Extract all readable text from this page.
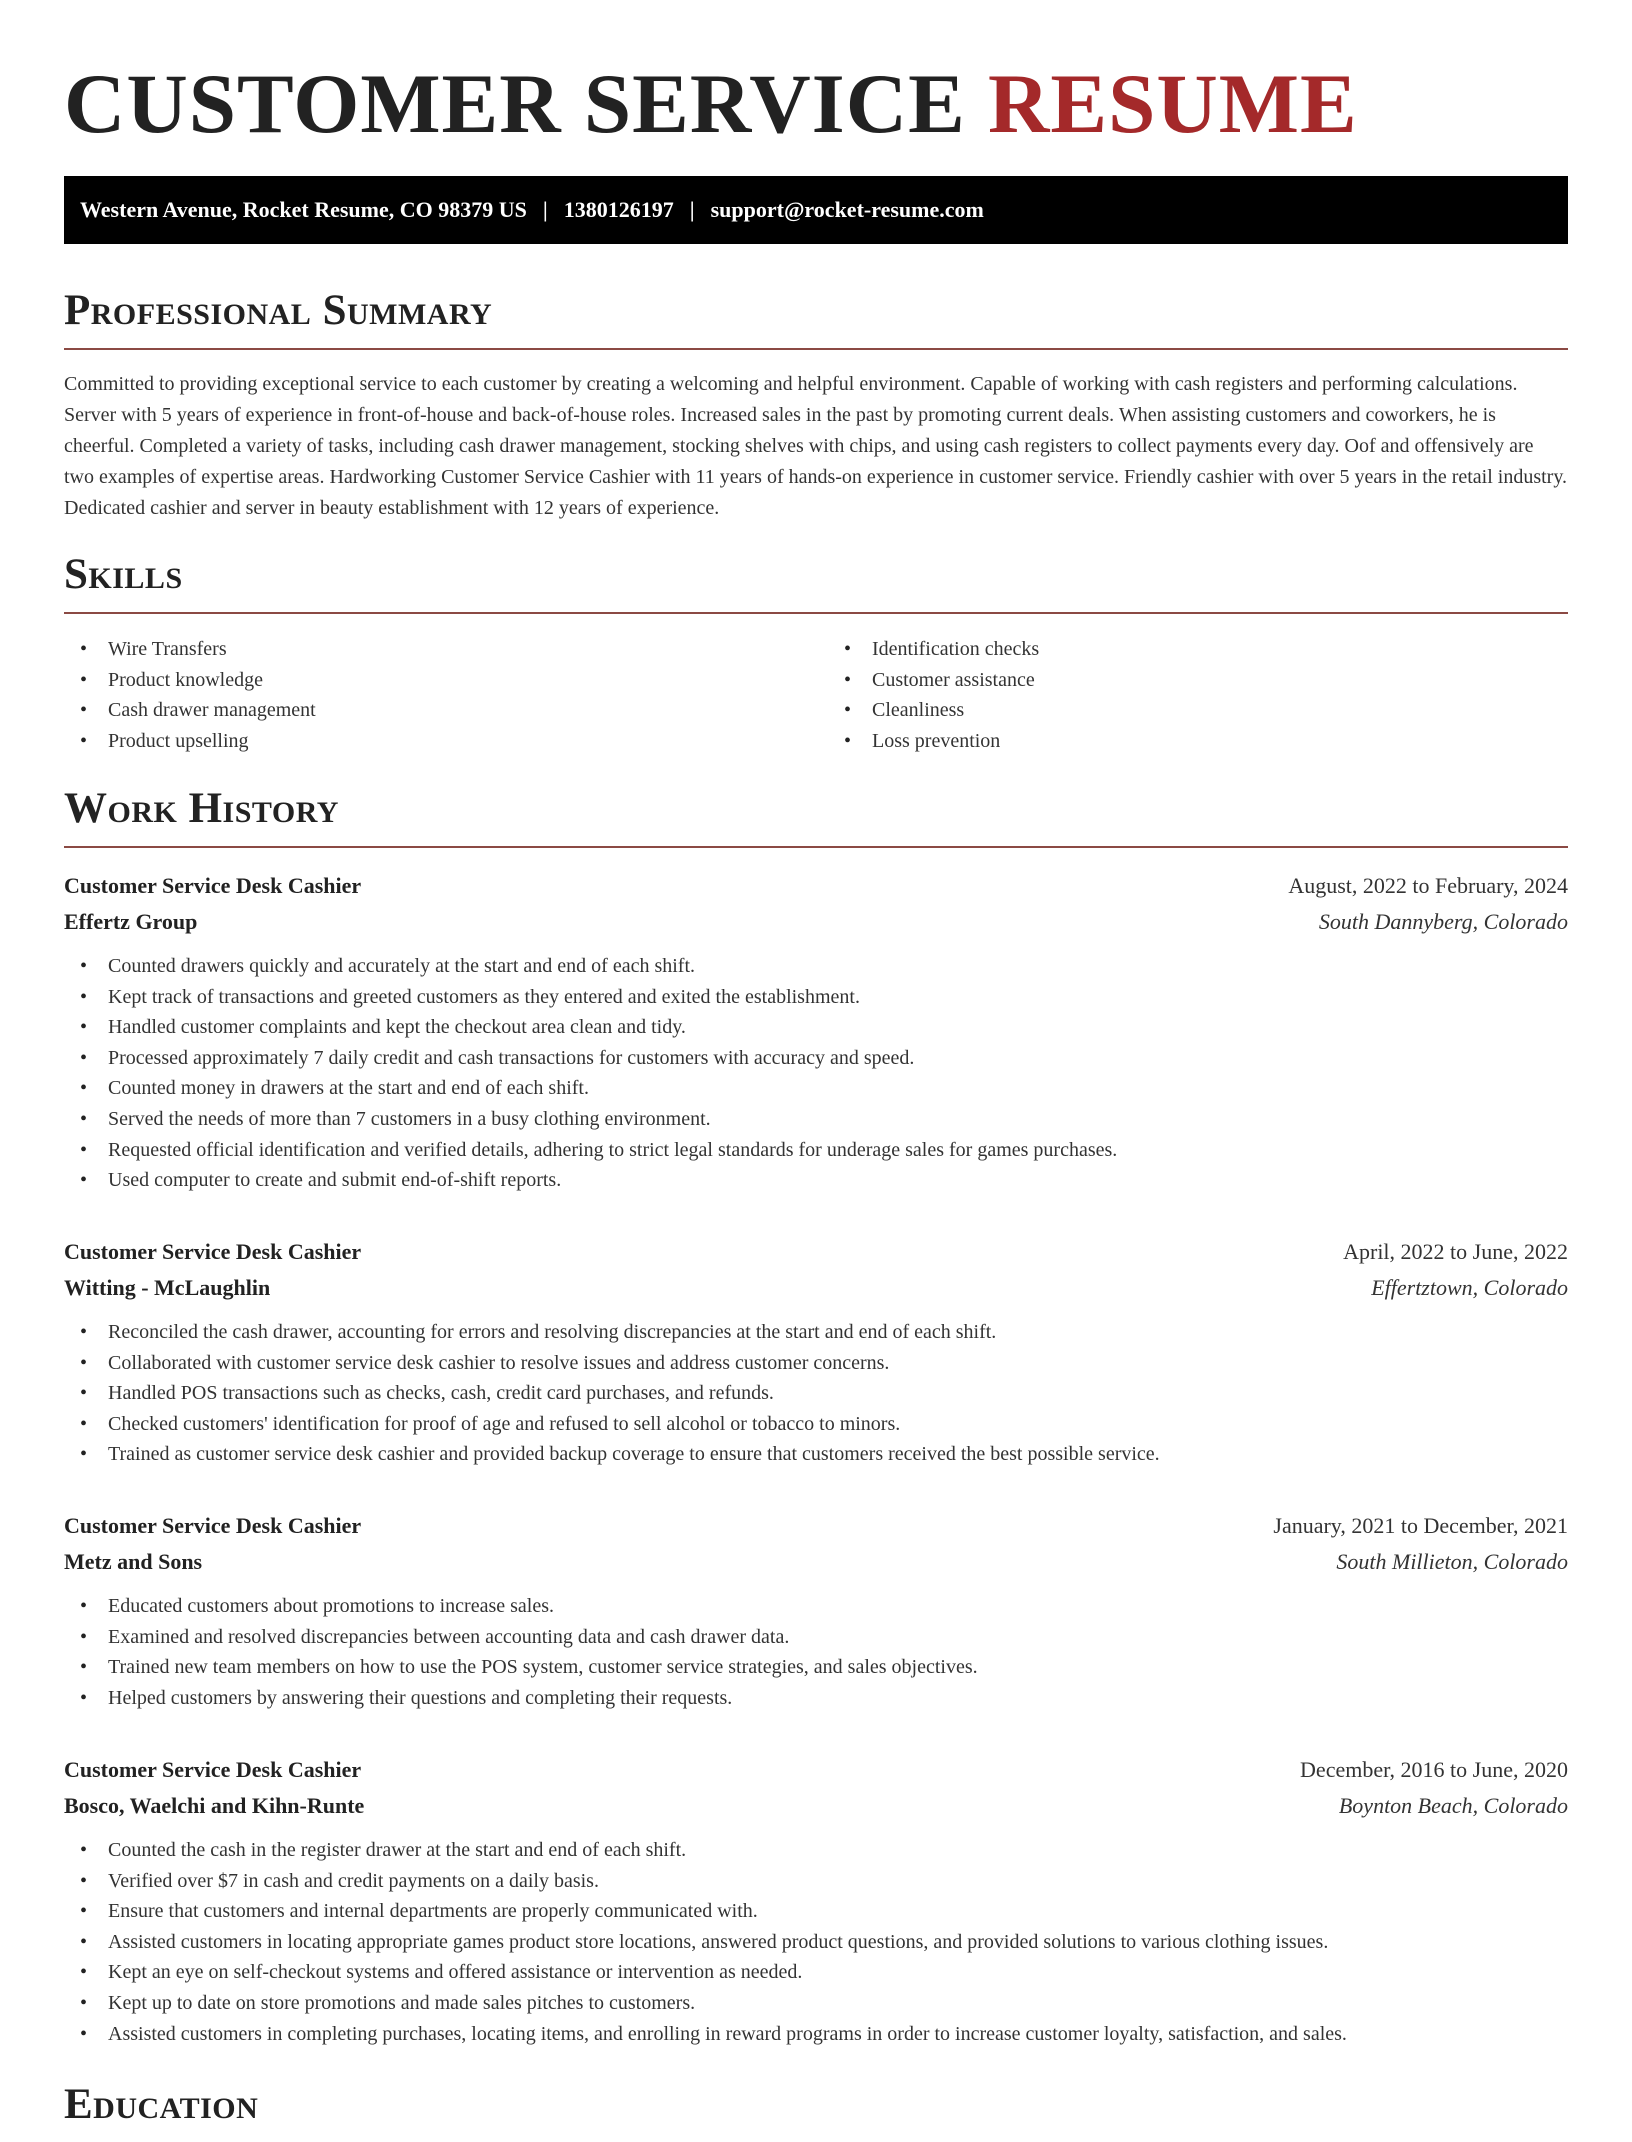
CUSTOMER SERVICE RESUME
Western Avenue, Rocket Resume, CO 98379 US | 1380126197 | support@rocket-resume.com
Professional Summary

Committed to providing exceptional service to each customer by creating a welcoming and helpful environment. Capable of working with cash registers and performing calculations. Server with 5 years of experience in front-of-house and back-of-house roles. Increased sales in the past by promoting current deals. When assisting customers and coworkers, he is cheerful. Completed a variety of tasks, including cash drawer management, stocking shelves with chips, and using cash registers to collect payments every day. Oof and offensively are two examples of expertise areas. Hardworking Customer Service Cashier with 11 years of hands-on experience in customer service. Friendly cashier with over 5 years in the retail industry. Dedicated cashier and server in beauty establishment with 12 years of experience.

Skills
• Wire Transfers
• Product knowledge
• Cash drawer management
• Product upselling
• Identification checks
• Customer assistance
• Cleanliness
• Loss prevention
Work History
Customer Service Desk Cashier	August, 2022 to February, 2024
Effertz Group	South Dannyberg, Colorado
• Counted drawers quickly and accurately at the start and end of each shift.
• Kept track of transactions and greeted customers as they entered and exited the establishment.
• Handled customer complaints and kept the checkout area clean and tidy.
• Processed approximately 7 daily credit and cash transactions for customers with accuracy and speed.
• Counted money in drawers at the start and end of each shift.
• Served the needs of more than 7 customers in a busy clothing environment.
• Requested official identification and verified details, adhering to strict legal standards for underage sales for games purchases.
• Used computer to create and submit end-of-shift reports.
Customer Service Desk Cashier	April, 2022 to June, 2022
Witting - McLaughlin	Effertztown, Colorado
• Reconciled the cash drawer, accounting for errors and resolving discrepancies at the start and end of each shift.
• Collaborated with customer service desk cashier to resolve issues and address customer concerns.
• Handled POS transactions such as checks, cash, credit card purchases, and refunds.
• Checked customers' identification for proof of age and refused to sell alcohol or tobacco to minors.
• Trained as customer service desk cashier and provided backup coverage to ensure that customers received the best possible service.
Customer Service Desk Cashier	January, 2021 to December, 2021
Metz and Sons	South Millieton, Colorado
• Educated customers about promotions to increase sales.
• Examined and resolved discrepancies between accounting data and cash drawer data.
• Trained new team members on how to use the POS system, customer service strategies, and sales objectives.
• Helped customers by answering their questions and completing their requests.
Customer Service Desk Cashier	December, 2016 to June, 2020
Bosco, Waelchi and Kihn-Runte	Boynton Beach, Colorado
• Counted the cash in the register drawer at the start and end of each shift.
• Verified over $7 in cash and credit payments on a daily basis.
• Ensure that customers and internal departments are properly communicated with.
• Assisted customers in locating appropriate games product store locations, answered product questions, and provided solutions to various clothing issues.
• Kept an eye on self-checkout systems and offered assistance or intervention as needed.
• Kept up to date on store promotions and made sales pitches to customers.
• Assisted customers in completing purchases, locating items, and enrolling in reward programs in order to increase customer loyalty, satisfaction, and sales.
Education
